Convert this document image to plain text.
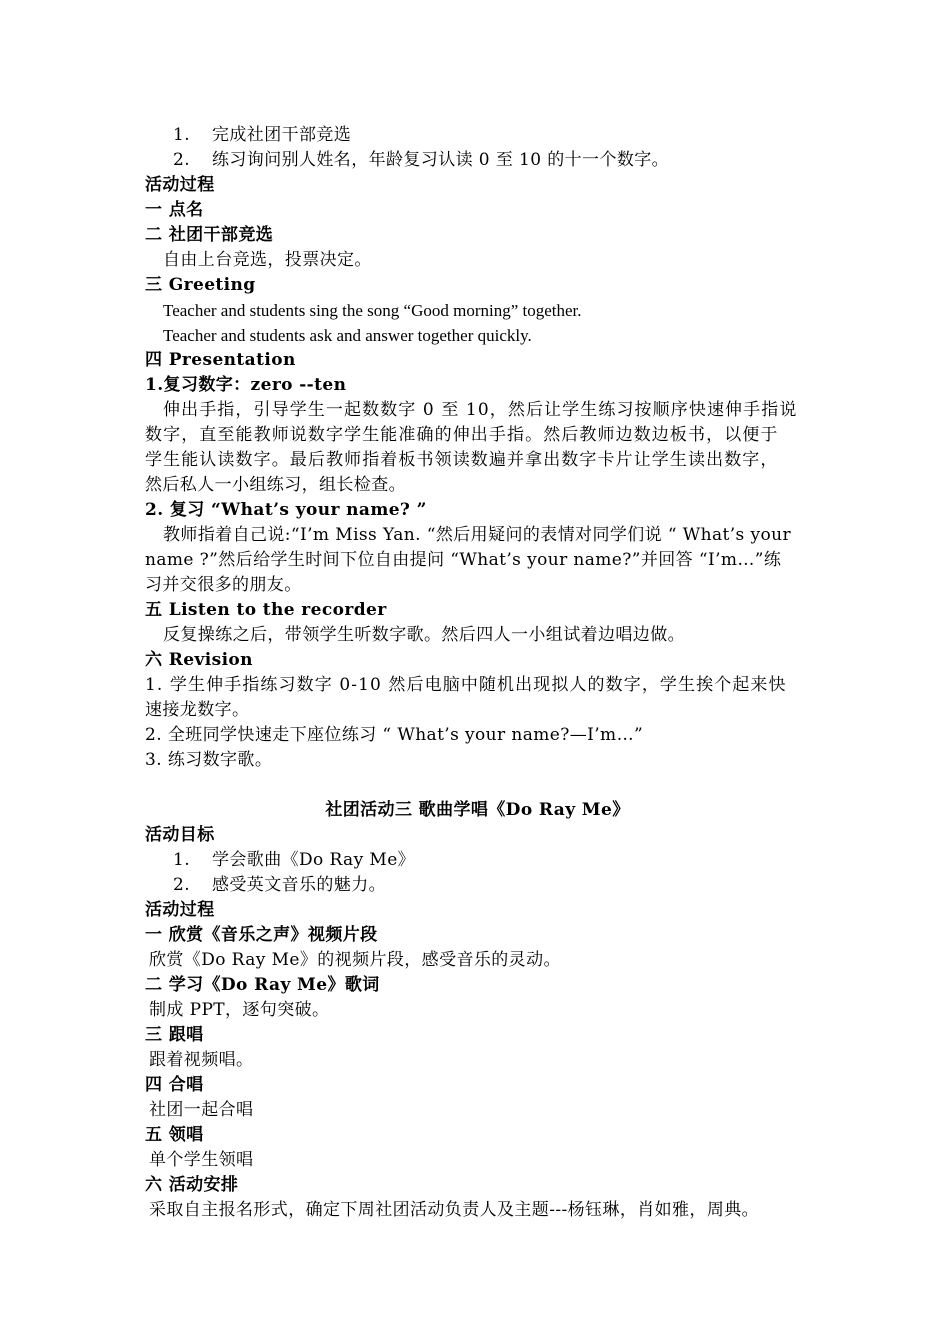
1. 完成社团干部竞选
2. 练习询问别人姓名，年龄复习认读 0 至 10 的十一个数字。
活动过程
一 点名
二 社团干部竞选
自由上台竞选，投票决定。
三 Greeting
Teacher and students sing the song “Good morning” together.
Teacher and students ask and answer together quickly.
四 Presentation
1.复习数字：zero --ten
伸出手指，引导学生一起数数字 0 至 10，然后让学生练习按顺序快速伸手指说
数字，直至能教师说数字学生能准确的伸出手指。然后教师边数边板书，以便于
学生能认读数字。最后教师指着板书领读数遍并拿出数字卡片让学生读出数字，
然后私人一小组练习，组长检查。
2. 复习 “What’s your name? ”
教师指着自己说:“I’m Miss Yan. “然后用疑问的表情对同学们说 “ What’s your
name ?”然后给学生时间下位自由提问 “What’s your name?”并回答 “I’m…”练
习并交很多的朋友。
五 Listen to the recorder
反复操练之后，带领学生听数字歌。然后四人一小组试着边唱边做。
六 Revision
1. 学生伸手指练习数字 0-10 然后电脑中随机出现拟人的数字，学生挨个起来快
速接龙数字。
2. 全班同学快速走下座位练习 “ What’s your name?—I’m…”
3. 练习数字歌。
社团活动三 歌曲学唱《Do Ray Me》
活动目标
1. 学会歌曲《Do Ray Me》
2. 感受英文音乐的魅力。
活动过程
一 欣赏《音乐之声》视频片段
欣赏《Do Ray Me》的视频片段，感受音乐的灵动。
二 学习《Do Ray Me》歌词
制成 PPT，逐句突破。
三 跟唱
跟着视频唱。
四 合唱
社团一起合唱
五 领唱
单个学生领唱
六 活动安排
采取自主报名形式，确定下周社团活动负责人及主题---杨钰琳，肖如雅，周典。
